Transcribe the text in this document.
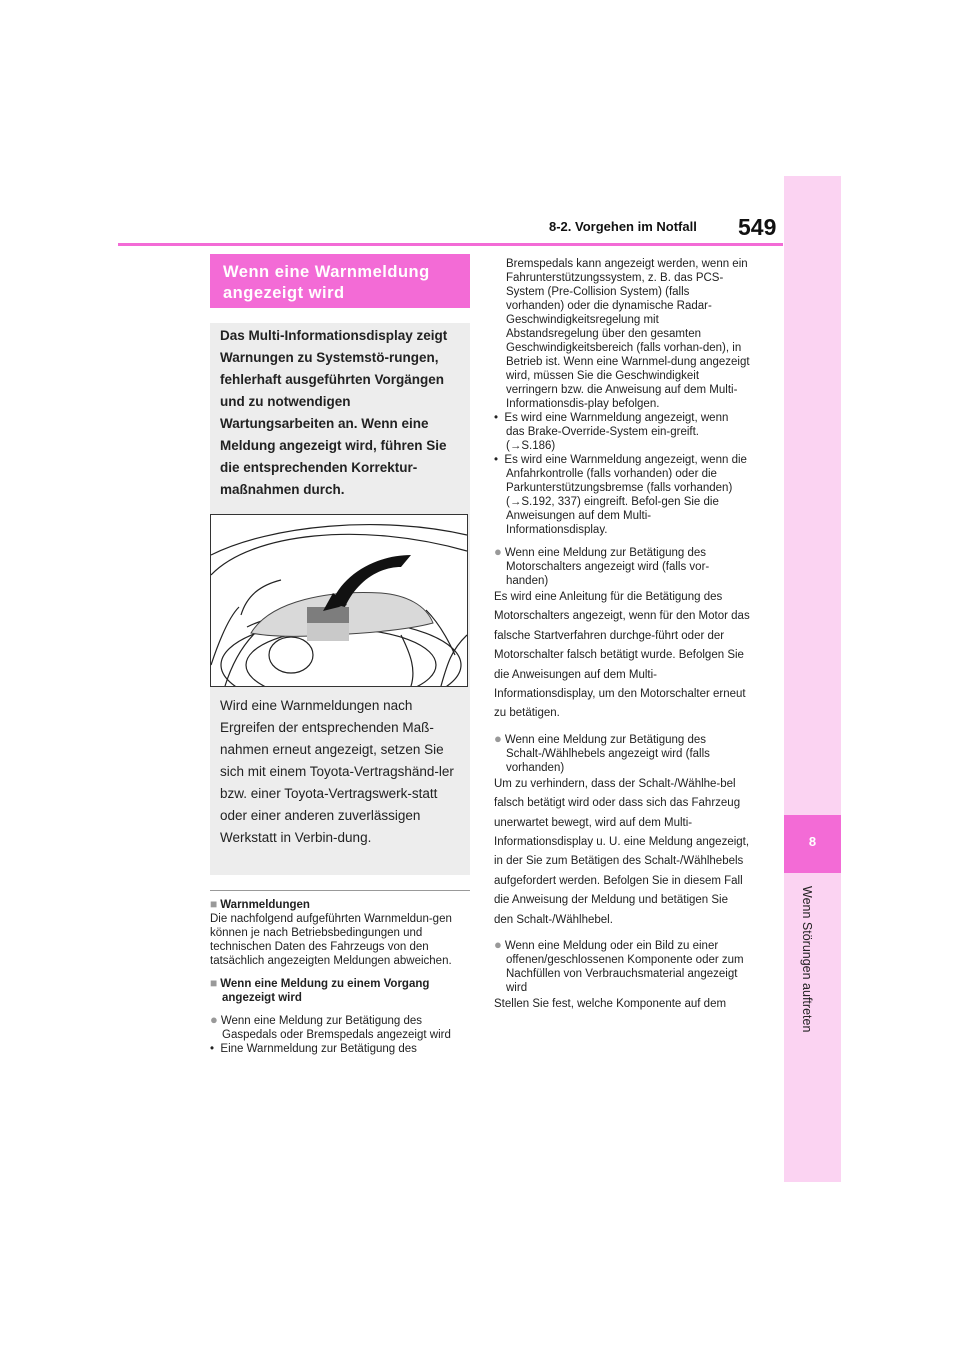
549
8-2. Vorgehen im Notfall
8
Wenn Störungen auftreten
Wenn eine Warnmeldung angezeigt wird
Das Multi-Informationsdisplay zeigt Warnungen zu Systemstö-rungen, fehlerhaft ausgeführten Vorgängen und zu notwendigen Wartungsarbeiten an. Wenn eine Meldung angezeigt wird, führen Sie die entsprechenden Korrektur-maßnahmen durch.
Wird eine Warnmeldungen nach Ergreifen der entsprechenden Maß-nahmen erneut angezeigt, setzen Sie sich mit einem Toyota-Vertragshänd-ler bzw. einer Toyota-Vertragswerk-statt oder einer anderen zuverlässigen Werkstatt in Verbin-dung.

■ Warnmeldungen

Die nachfolgend aufgeführten Warnmeldun-gen können je nach Betriebsbedingungen und technischen Daten des Fahrzeugs von den tatsächlich angezeigten Meldungen abweichen.

■ Wenn eine Meldung zu einem Vorgang angezeigt wird

● Wenn eine Meldung zur Betätigung des Gaspedals oder Bremspedals angezeigt wird

• Eine Warnmeldung zur Betätigung des

Bremspedals kann angezeigt werden, wenn ein Fahrunterstützungssystem, z. B. das PCS-System (Pre-Collision System) (falls vorhanden) oder die dynamische Radar-Geschwindigkeitsregelung mit Abstandsregelung über den gesamten Geschwindigkeitsbereich (falls vorhan-den), in Betrieb ist. Wenn eine Warnmel-dung angezeigt wird, müssen Sie die Geschwindigkeit verringern bzw. die Anweisung auf dem Multi-Informationsdis-play befolgen.

• Es wird eine Warnmeldung angezeigt, wenn das Brake-Override-System ein-greift. (→S.186)

• Es wird eine Warnmeldung angezeigt, wenn die Anfahrkontrolle (falls vorhanden) oder die Parkunterstützungsbremse (falls vorhanden) (→S.192, 337) eingreift. Befol-gen Sie die Anweisungen auf dem Multi-Informationsdisplay.

● Wenn eine Meldung zur Betätigung des Motorschalters angezeigt wird (falls vor-handen)

Es wird eine Anleitung für die Betätigung des Motorschalters angezeigt, wenn für den Motor das falsche Startverfahren durchge-führt oder der Motorschalter falsch betätigt wurde. Befolgen Sie die Anweisungen auf dem Multi-Informationsdisplay, um den Motorschalter erneut zu betätigen.

● Wenn eine Meldung zur Betätigung des Schalt-/Wählhebels angezeigt wird (falls vorhanden)

Um zu verhindern, dass der Schalt-/Wählhe-bel falsch betätigt wird oder dass sich das Fahrzeug unerwartet bewegt, wird auf dem Multi-Informationsdisplay u. U. eine Meldung angezeigt, in der Sie zum Betätigen des Schalt-/Wählhebels aufgefordert werden. Befolgen Sie in diesem Fall die Anweisung der Meldung und betätigen Sie den Schalt-/Wählhebel.

● Wenn eine Meldung oder ein Bild zu einer offenen/geschlossenen Komponente oder zum Nachfüllen von Verbrauchsmaterial angezeigt wird

Stellen Sie fest, welche Komponente auf dem
